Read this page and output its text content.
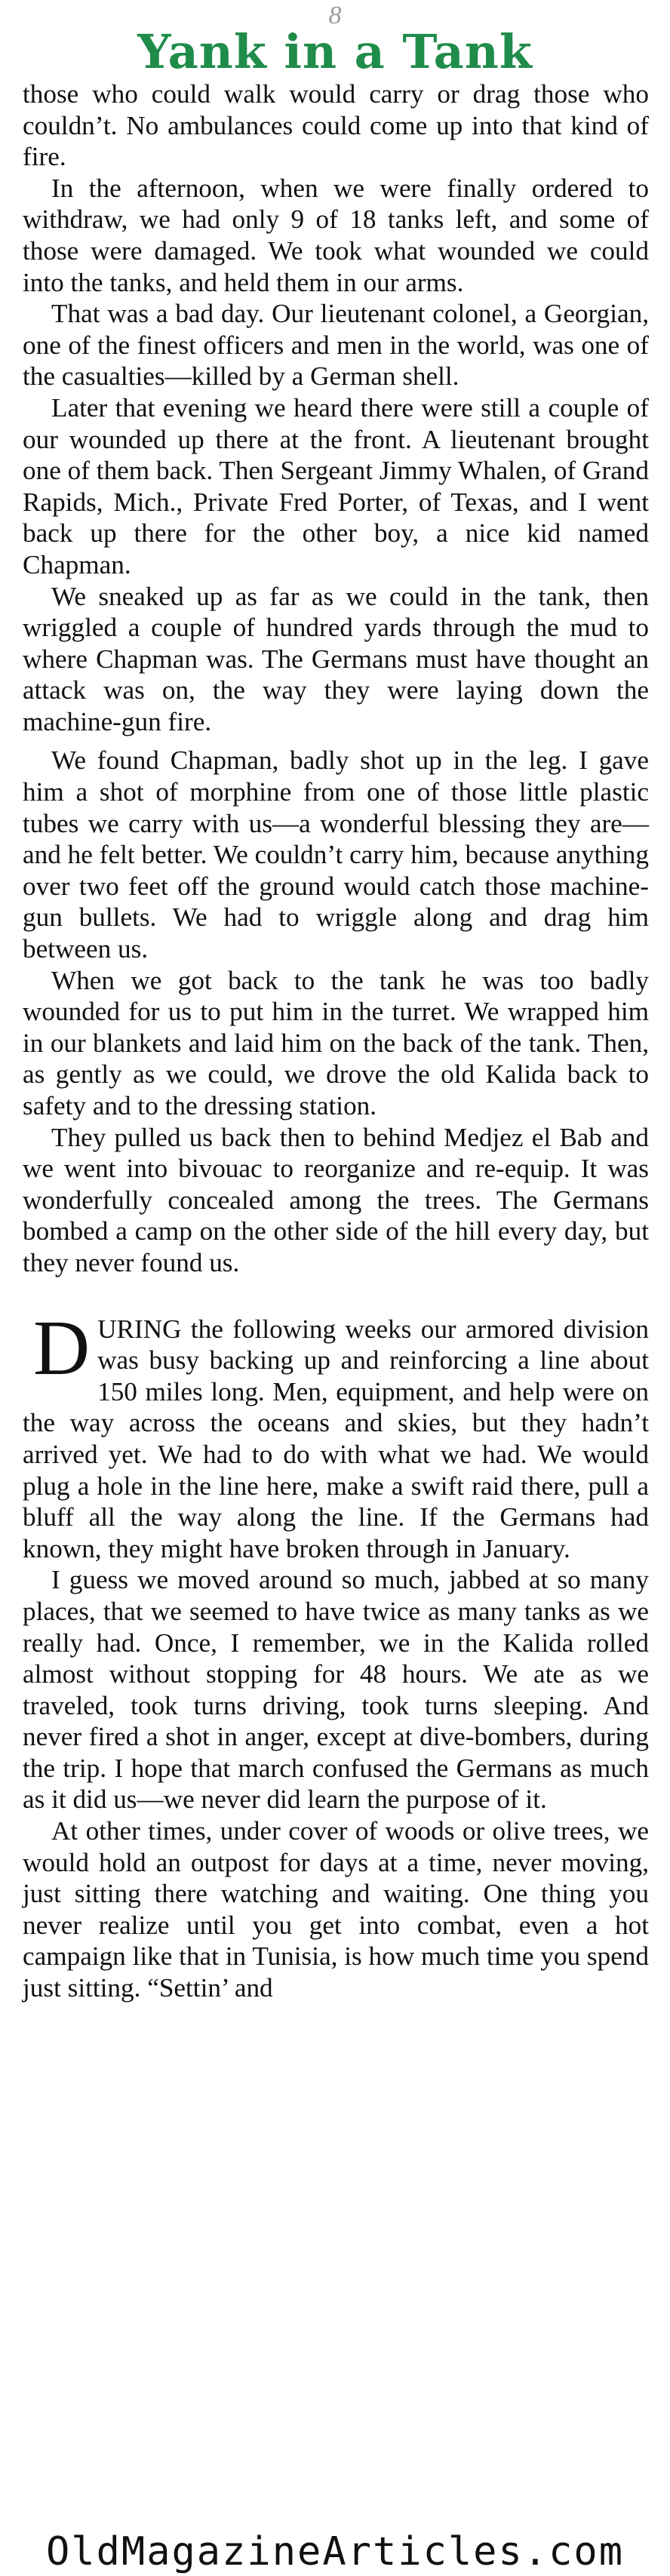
8
Yank in a Tank

those who could walk would carry or drag those who couldn’t. No ambulances could come up into that kind of fire.

In the afternoon, when we were finally ordered to withdraw, we had only 9 of 18 tanks left, and some of those were damaged. We took what wounded we could into the tanks, and held them in our arms.

That was a bad day. Our lieutenant colonel, a Georgian, one of the finest officers and men in the world, was one of the casualties—killed by a German shell.

Later that evening we heard there were still a couple of our wounded up there at the front. A lieutenant brought one of them back. Then Sergeant Jimmy Whalen, of Grand Rapids, Mich., Private Fred Porter, of Texas, and I went back up there for the other boy, a nice kid named Chapman.

We sneaked up as far as we could in the tank, then wriggled a couple of hundred yards through the mud to where Chapman was. The Germans must have thought an attack was on, the way they were laying down the machine-gun fire.

We found Chapman, badly shot up in the leg. I gave him a shot of morphine from one of those little plastic tubes we carry with us—a wonderful blessing they are—and he felt better. We couldn’t carry him, because anything over two feet off the ground would catch those machine-gun bullets. We had to wriggle along and drag him between us.

When we got back to the tank he was too badly wounded for us to put him in the turret. We wrapped him in our blankets and laid him on the back of the tank. Then, as gently as we could, we drove the old Kalida back to safety and to the dressing station.

They pulled us back then to behind Medjez el Bab and we went into bivouac to reorganize and re-equip. It was wonderfully concealed among the trees. The Germans bombed a camp on the other side of the hill every day, but they never found us.

DURING the following weeks our armored division was busy backing up and reinforcing a line about 150 miles long. Men, equipment, and help were on the way across the oceans and skies, but they hadn’t arrived yet. We had to do with what we had. We would plug a hole in the line here, make a swift raid there, pull a bluff all the way along the line. If the Germans had known, they might have broken through in January.

I guess we moved around so much, jabbed at so many places, that we seemed to have twice as many tanks as we really had. Once, I remember, we in the Kalida rolled almost without stopping for 48 hours. We ate as we traveled, took turns driving, took turns sleeping. And never fired a shot in anger, except at dive-bombers, during the trip. I hope that march confused the Germans as much as it did us—we never did learn the purpose of it.

At other times, under cover of woods or olive trees, we would hold an outpost for days at a time, never moving, just sitting there watching and waiting. One thing you never realize until you get into combat, even a hot campaign like that in Tunisia, is how much time you spend just sitting. “Settin’ and

OldMagazineArticles.com
